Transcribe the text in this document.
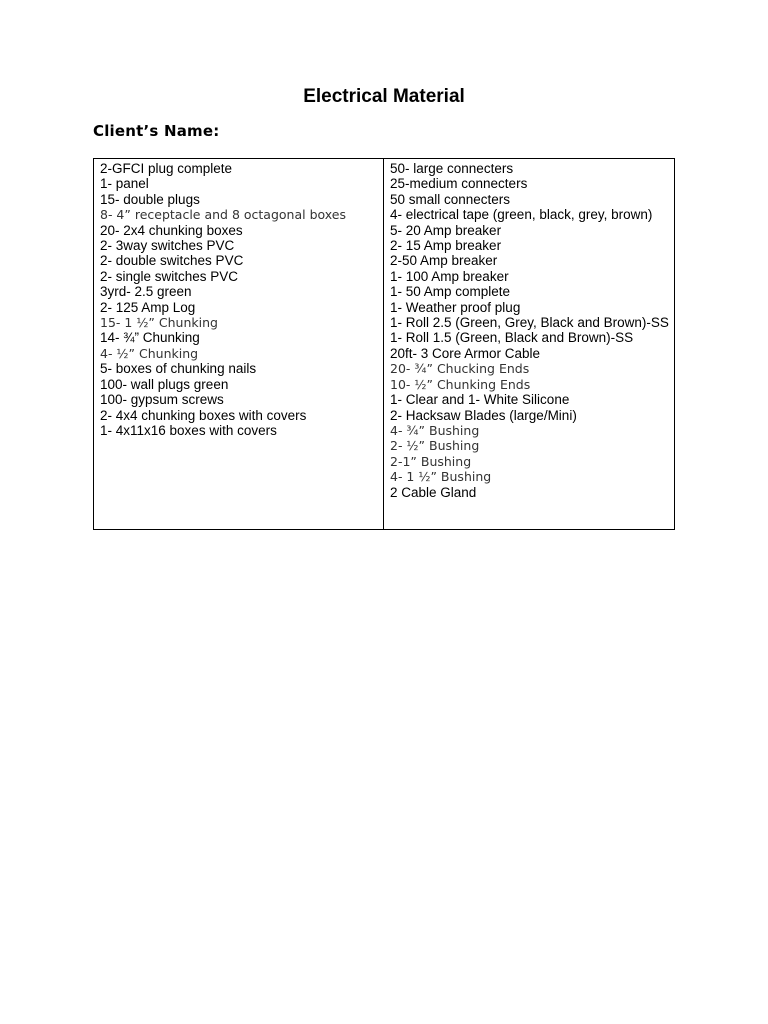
Electrical Material
Client’s Name:
2-GFCI plug complete
1- panel
15- double plugs
8- 4” receptacle and 8 octagonal boxes
20- 2x4 chunking boxes
2- 3way switches PVC
2- double switches PVC
2- single switches PVC
3yrd- 2.5 green
2- 125 Amp Log
15- 1 ½” Chunking
14- ¾” Chunking
4- ½” Chunking
5- boxes of chunking nails
100- wall plugs green
100- gypsum screws
2- 4x4 chunking boxes with covers
1- 4x11x16 boxes with covers
50- large connecters
25-medium connecters
50 small connecters
4- electrical tape (green, black, grey, brown)
5- 20 Amp breaker
2- 15 Amp breaker
2-50 Amp breaker
1- 100 Amp breaker
1- 50 Amp complete
1- Weather proof plug
1- Roll 2.5 (Green, Grey, Black and Brown)-SS
1- Roll 1.5 (Green, Black and Brown)-SS
20ft- 3 Core Armor Cable
20- ¾” Chucking Ends
10- ½” Chunking Ends
1- Clear and 1- White Silicone
2- Hacksaw Blades (large/Mini)
4- ¾” Bushing
2- ½” Bushing
2-1” Bushing
4- 1 ½” Bushing
2 Cable Gland
